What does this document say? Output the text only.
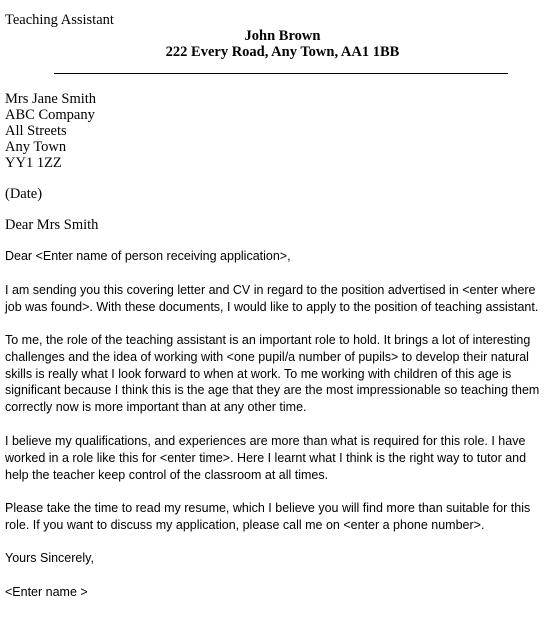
Teaching Assistant
John Brown
222 Every Road, Any Town, AA1 1BB
Mrs Jane Smith
ABC Company
All Streets
Any Town
YY1 1ZZ
(Date)
Dear Mrs Smith

Dear <Enter name of person receiving application>,

I am sending you this covering letter and CV in regard to the position advertised in <enter where job was found>. With these documents, I would like to apply to the position of teaching assistant.

To me, the role of the teaching assistant is an important role to hold. It brings a lot of interesting challenges and the idea of working with <one pupil/a number of pupils> to develop their natural skills is really what I look forward to when at work. To me working with children of this age is significant because I think this is the age that they are the most impressionable so teaching them correctly now is more important than at any other time.

I believe my qualifications, and experiences are more than what is required for this role. I have worked in a role like this for <enter time>. Here I learnt what I think is the right way to tutor and help the teacher keep control of the classroom at all times.

Please take the time to read my resume, which I believe you will find more than suitable for this role. If you want to discuss my application, please call me on <enter a phone number>.

Yours Sincerely,

<Enter name >
